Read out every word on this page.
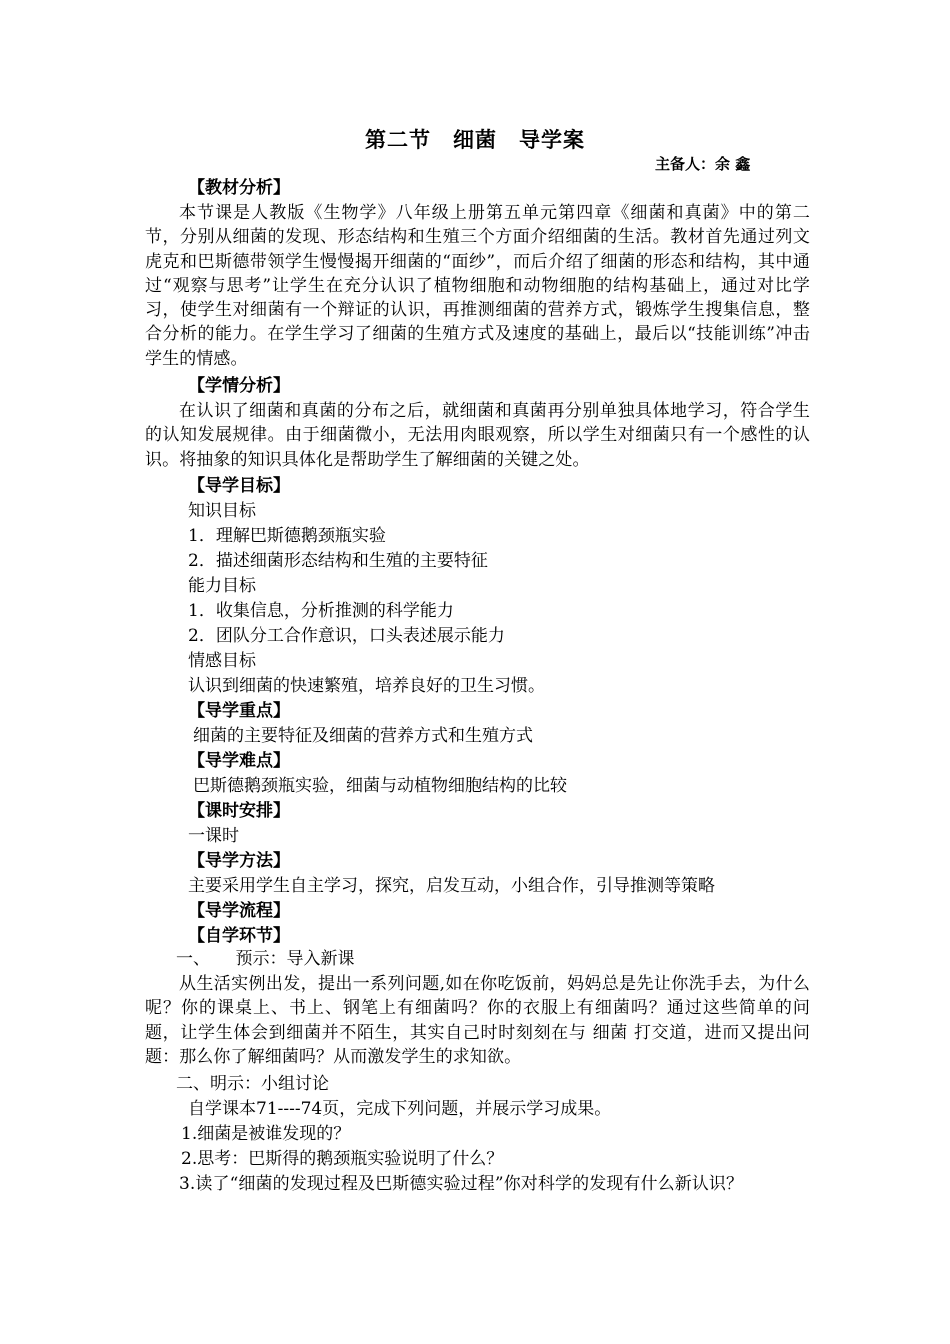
第二节　细菌　导学案
主备人：余 鑫
【教材分析】
本节课是人教版《生物学》八年级上册第五单元第四章《细菌和真菌》中的第二节，分别从细菌的发现、形态结构和生殖三个方面介绍细菌的生活。教材首先通过列文虎克和巴斯德带领学生慢慢揭开细菌的“面纱”，而后介绍了细菌的形态和结构，其中通过“观察与思考”让学生在充分认识了植物细胞和动物细胞的结构基础上，通过对比学习，使学生对细菌有一个辩证的认识，再推测细菌的营养方式，锻炼学生搜集信息，整合分析的能力。在学生学习了细菌的生殖方式及速度的基础上，最后以“技能训练”冲击学生的情感。
【学情分析】
在认识了细菌和真菌的分布之后，就细菌和真菌再分别单独具体地学习，符合学生的认知发展规律。由于细菌微小，无法用肉眼观察，所以学生对细菌只有一个感性的认识。将抽象的知识具体化是帮助学生了解细菌的关键之处。
【导学目标】
知识目标
1．理解巴斯德鹅颈瓶实验
2．描述细菌形态结构和生殖的主要特征
能力目标
1．收集信息，分析推测的科学能力
2．团队分工合作意识，口头表述展示能力
情感目标
认识到细菌的快速繁殖，培养良好的卫生习惯。
【导学重点】
细菌的主要特征及细菌的营养方式和生殖方式
【导学难点】
巴斯德鹅颈瓶实验，细菌与动植物细胞结构的比较
【课时安排】
一课时
【导学方法】
主要采用学生自主学习，探究，启发互动，小组合作，引导推测等策略
【导学流程】
【自学环节】
一、　　预示：导入新课
从生活实例出发，提出一系列问题,如在你吃饭前，妈妈总是先让你洗手去，为什么呢？你的课桌上、书上、钢笔上有细菌吗？你的衣服上有细菌吗？通过这些简单的问题，让学生体会到细菌并不陌生，其实自己时时刻刻在与 细菌 打交道，进而又提出问题：那么你了解细菌吗？从而激发学生的求知欲。
二、明示：小组讨论
自学课本71----74页，完成下列问题，并展示学习成果。
1.细菌是被谁发现的？
2.思考：巴斯得的鹅颈瓶实验说明了什么？
3.读了“细菌的发现过程及巴斯德实验过程”你对科学的发现有什么新认识？
